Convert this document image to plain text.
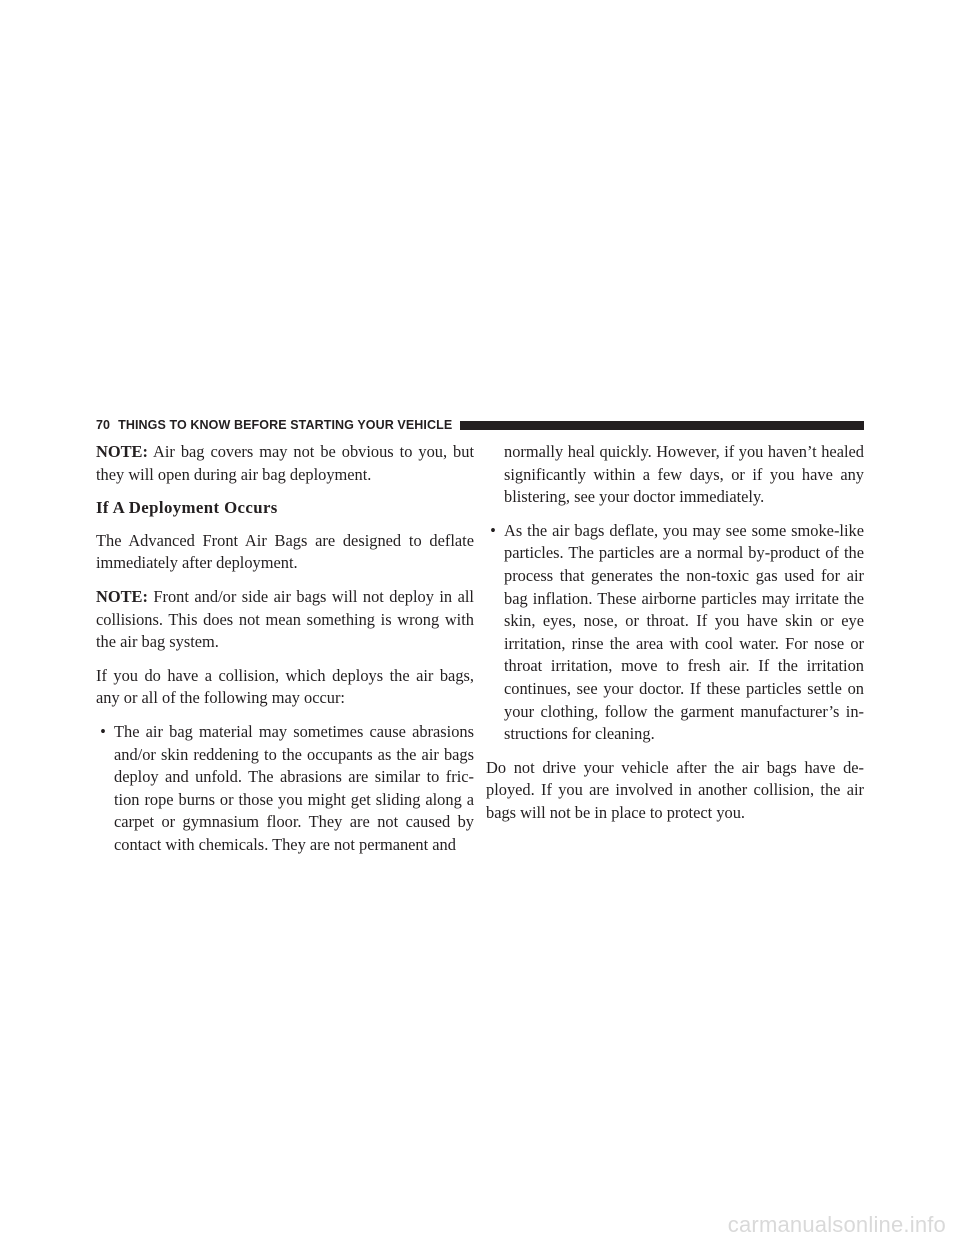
70 THINGS TO KNOW BEFORE STARTING YOUR VEHICLE

NOTE: Air bag covers may not be obvious to you, but they will open during air bag deployment.

If A Deployment Occurs

The Advanced Front Air Bags are designed to deflate immediately after deployment.

NOTE: Front and/or side air bags will not deploy in all collisions. This does not mean something is wrong with the air bag system.

If you do have a collision, which deploys the air bags, any or all of the following may occur:

• The air bag material may sometimes cause abrasions and/or skin reddening to the occupants as the air bags deploy and unfold. The abrasions are similar to fric- tion rope burns or those you might get sliding along a carpet or gymnasium floor. They are not caused by contact with chemicals. They are not permanent and
normally heal quickly. However, if you haven’t healed significantly within a few days, or if you have any blistering, see your doctor immediately.
• As the air bags deflate, you may see some smoke-like particles. The particles are a normal by-product of the process that generates the non-toxic gas used for air bag inflation. These airborne particles may irritate the skin, eyes, nose, or throat. If you have skin or eye irritation, rinse the area with cool water. For nose or throat irritation, move to fresh air. If the irritation continues, see your doctor. If these particles settle on your clothing, follow the garment manufacturer’s in- structions for cleaning.

Do not drive your vehicle after the air bags have de- ployed. If you are involved in another collision, the air bags will not be in place to protect you.

carmanualsonline.info
